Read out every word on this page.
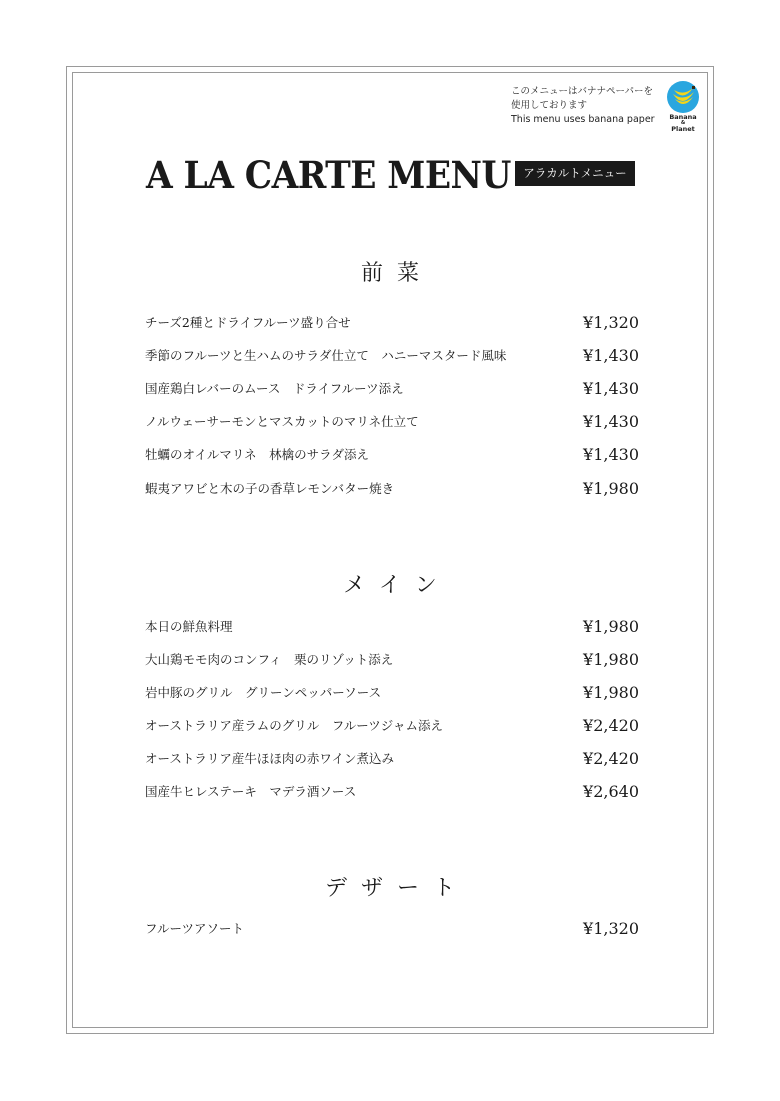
このメニューはバナナペーパーを
使用しております
This menu uses banana paper	Banana
&
Planet
A LA CARTE MENU	アラカルトメニュー
前菜
チーズ2種とドライフルーツ盛り合せ	¥1,320
季節のフルーツと生ハムのサラダ仕立て　ハニーマスタード風味	¥1,430
国産鶏白レバーのムース　ドライフルーツ添え	¥1,430
ノルウェーサーモンとマスカットのマリネ仕立て	¥1,430
牡蠣のオイルマリネ　林檎のサラダ添え	¥1,430
蝦夷アワビと木の子の香草レモンバター焼き	¥1,980
メイン
本日の鮮魚料理	¥1,980
大山鶏モモ肉のコンフィ　栗のリゾット添え	¥1,980
岩中豚のグリル　グリーンペッパーソース	¥1,980
オーストラリア産ラムのグリル　フルーツジャム添え	¥2,420
オーストラリア産牛ほほ肉の赤ワイン煮込み	¥2,420
国産牛ヒレステーキ　マデラ酒ソース	¥2,640
デザート
フルーツアソート	¥1,320
